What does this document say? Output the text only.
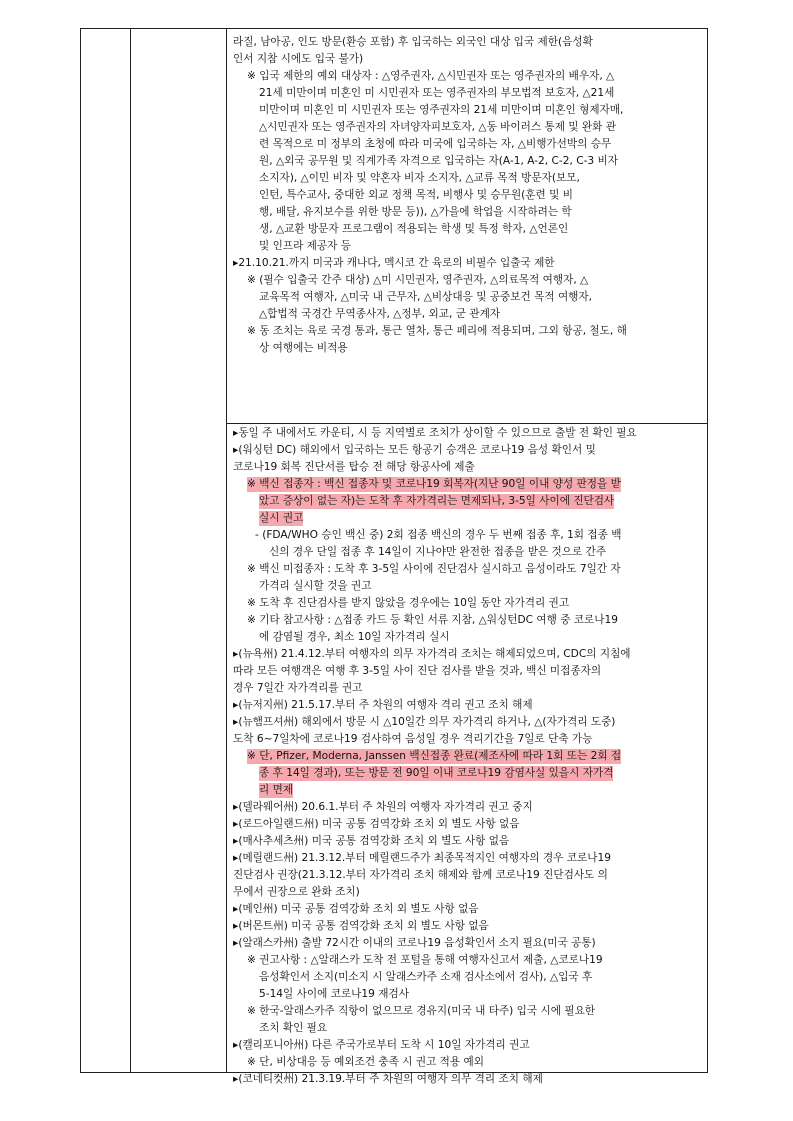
라질, 남아공, 인도 방문(환승 포함) 후 입국하는 외국인 대상 입국 제한(음성확
인서 지참 시에도 입국 불가)
※ 입국 제한의 예외 대상자 : △영주권자, △시민권자 또는 영주권자의 배우자, △
21세 미만이며 미혼인 미 시민권자 또는 영주권자의 부모법적 보호자, △21세
미만이며 미혼인 미 시민권자 또는 영주권자의 21세 미만이며 미혼인 형제자매,
△시민권자 또는 영주권자의 자녀양자피보호자, △동 바이러스 통제 및 완화 관
련 목적으로 미 정부의 초청에 따라 미국에 입국하는 자, △비행가선박의 승무
원, △외국 공무원 및 직계가족 자격으로 입국하는 자(A-1, A-2, C-2, C-3 비자
소지자), △이민 비자 및 약혼자 비자 소지자, △교류 목적 방문자(보모,
인턴, 특수교사, 중대한 외교 정책 목적, 비행사 및 승무원(훈련 및 비
행, 배달, 유지보수를 위한 방문 등)), △가을에 학업을 시작하려는 학
생, △교환 방문자 프로그램이 적용되는 학생 및 특정 학자, △언론인
및 인프라 제공자 등
▸21.10.21.까지 미국과 캐나다, 멕시코 간 육로의 비필수 입출국 제한
※ (필수 입출국 간주 대상) △미 시민권자, 영주권자, △의료목적 여행자, △
교육목적 여행자, △미국 내 근무자, △비상대응 및 공중보건 목적 여행자,
△합법적 국경간 무역종사자, △정부, 외교, 군 관계자
※ 동 조치는 육로 국경 통과, 통근 열차, 통근 페리에 적용되며, 그외 항공, 철도, 해
상 여행에는 비적용
▸동일 주 내에서도 카운티, 시 등 지역별로 조치가 상이할 수 있으므로 출발 전 확인 필요
▸(워싱턴 DC) 해외에서 입국하는 모든 항공기 승객은 코로나19 음성 확인서 및
코로나19 회복 진단서를 탑승 전 해당 항공사에 제출
※ 백신 접종자 : 백신 접종자 및 코로나19 회복자(지난 90일 이내 양성 판정을 받
았고 증상이 없는 자)는 도착 후 자가격리는 면제되나, 3-5일 사이에 진단검사
실시 권고
- (FDA/WHO 승인 백신 중) 2회 접종 백신의 경우 두 번째 접종 후, 1회 접종 백
신의 경우 단일 접종 후 14일이 지나야만 완전한 접종을 받은 것으로 간주
※ 백신 미접종자 : 도착 후 3-5일 사이에 진단검사 실시하고 음성이라도 7일간 자
가격리 실시할 것을 권고
※ 도착 후 진단검사를 받지 않았을 경우에는 10일 동안 자가격리 권고
※ 기타 참고사항 : △접종 카드 등 확인 서류 지참, △워싱턴DC 여행 중 코로나19
에 감염될 경우, 최소 10일 자가격리 실시
▸(뉴욕州) 21.4.12.부터 여행자의 의무 자가격리 조치는 해제되었으며, CDC의 지침에
따라 모든 여행객은 여행 후 3-5일 사이 진단 검사를 받을 것과, 백신 미접종자의
경우 7일간 자가격리를 권고
▸(뉴저지州) 21.5.17.부터 주 차원의 여행자 격리 권고 조치 해제
▸(뉴햄프셔州) 해외에서 방문 시 △10일간 의무 자가격리 하거나, △(자가격리 도중)
도착 6~7일차에 코로나19 검사하여 음성일 경우 격리기간을 7일로 단축 가능
※ 단, Pfizer, Moderna, Janssen 백신접종 완료(제조사에 따라 1회 또는 2회 접
종 후 14일 경과), 또는 방문 전 90일 이내 코로나19 감염사실 있을시 자가격
리 면제
▸(델라웨어州) 20.6.1.부터 주 차원의 여행자 자가격리 권고 중지
▸(로드아일랜드州) 미국 공통 검역강화 조치 외 별도 사항 없음
▸(매사추세츠州) 미국 공통 검역강화 조치 외 별도 사항 없음
▸(메릴랜드州) 21.3.12.부터 메릴랜드주가 최종목적지인 여행자의 경우 코로나19
진단검사 권장(21.3.12.부터 자가격리 조치 해제와 함께 코로나19 진단검사도 의
무에서 권장으로 완화 조치)
▸(메인州) 미국 공통 검역강화 조치 외 별도 사항 없음
▸(버몬트州) 미국 공통 검역강화 조치 외 별도 사항 없음
▸(알래스카州) 출발 72시간 이내의 코로나19 음성확인서 소지 필요(미국 공통)
※ 권고사항 : △알래스카 도착 전 포털을 통해 여행자신고서 제출, △코로나19
음성확인서 소지(미소지 시 알래스카주 소재 검사소에서 검사), △입국 후
5-14일 사이에 코로나19 재검사
※ 한국-알래스카주 직항이 없으므로 경유지(미국 내 타주) 입국 시에 필요한
조치 확인 필요
▸(캘리포니아州) 다른 주국가로부터 도착 시 10일 자가격리 권고
※ 단, 비상대응 등 예외조건 충족 시 권고 적용 예외
▸(코네티컷州) 21.3.19.부터 주 차원의 여행자 의무 격리 조치 해제
